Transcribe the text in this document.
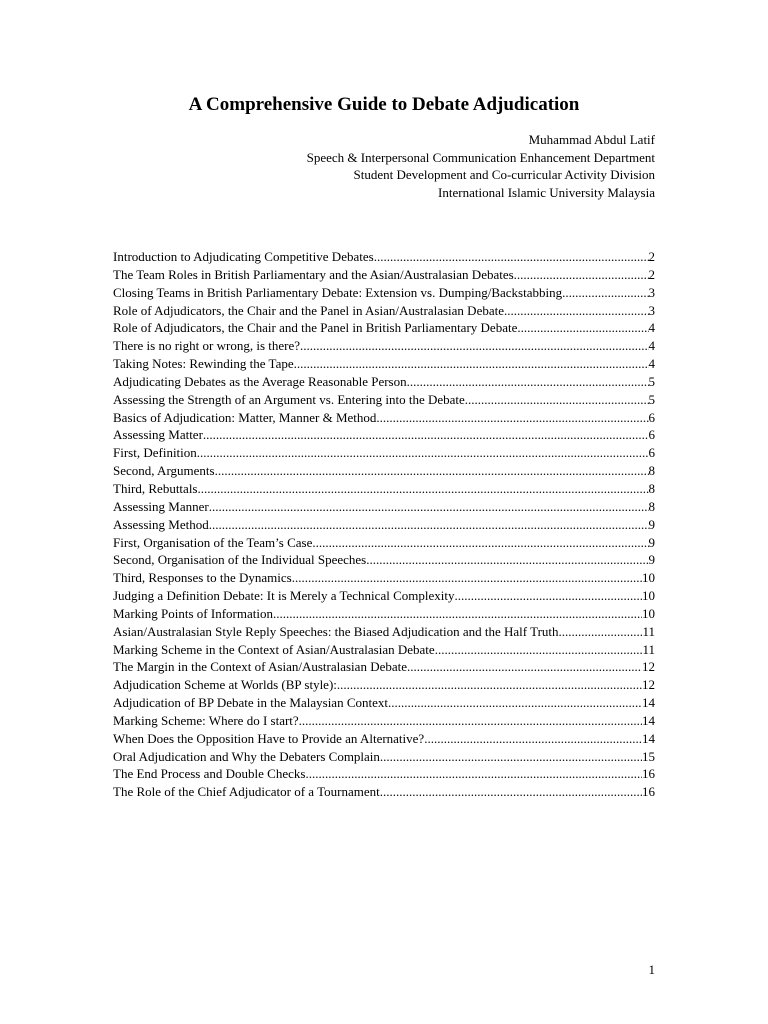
A Comprehensive Guide to Debate Adjudication
Muhammad Abdul Latif
Speech & Interpersonal Communication Enhancement Department
Student Development and Co-curricular Activity Division
International Islamic University Malaysia
Introduction to Adjudicating Competitive Debates .....	2
The Team Roles in British Parliamentary and the Asian/Australasian Debates .....	2
Closing Teams in British Parliamentary Debate: Extension vs. Dumping/Backstabbing .....	3
Role of Adjudicators, the Chair and the Panel in Asian/Australasian Debate .....	3
Role of Adjudicators, the Chair and the Panel in British Parliamentary Debate .....	4
There is no right or wrong, is there? .....	4
Taking Notes: Rewinding the Tape .....	4
Adjudicating Debates as the Average Reasonable Person .....	5
Assessing the Strength of an Argument vs. Entering into the Debate .....	5
Basics of Adjudication: Matter, Manner & Method .....	6
Assessing Matter .....	6
First, Definition .....	6
Second, Arguments .....	8
Third, Rebuttals .....	8
Assessing Manner .....	8
Assessing Method .....	9
First, Organisation of the Team’s Case .....	9
Second, Organisation of the Individual Speeches .....	9
Third, Responses to the Dynamics .....	10
Judging a Definition Debate: It is Merely a Technical Complexity .....	10
Marking Points of Information .....	10
Asian/Australasian Style Reply Speeches: the Biased Adjudication and the Half Truth .....	11
Marking Scheme in the Context of Asian/Australasian Debate .....	11
The Margin in the Context of Asian/Australasian Debate .....	12
Adjudication Scheme at Worlds (BP style): .....	12
Adjudication of BP Debate in the Malaysian Context .....	14
Marking Scheme: Where do I start? .....	14
When Does the Opposition Have to Provide an Alternative? .....	14
Oral Adjudication and Why the Debaters Complain .....	15
The End Process and Double Checks .....	16
The Role of the Chief Adjudicator of a Tournament .....	16
1
